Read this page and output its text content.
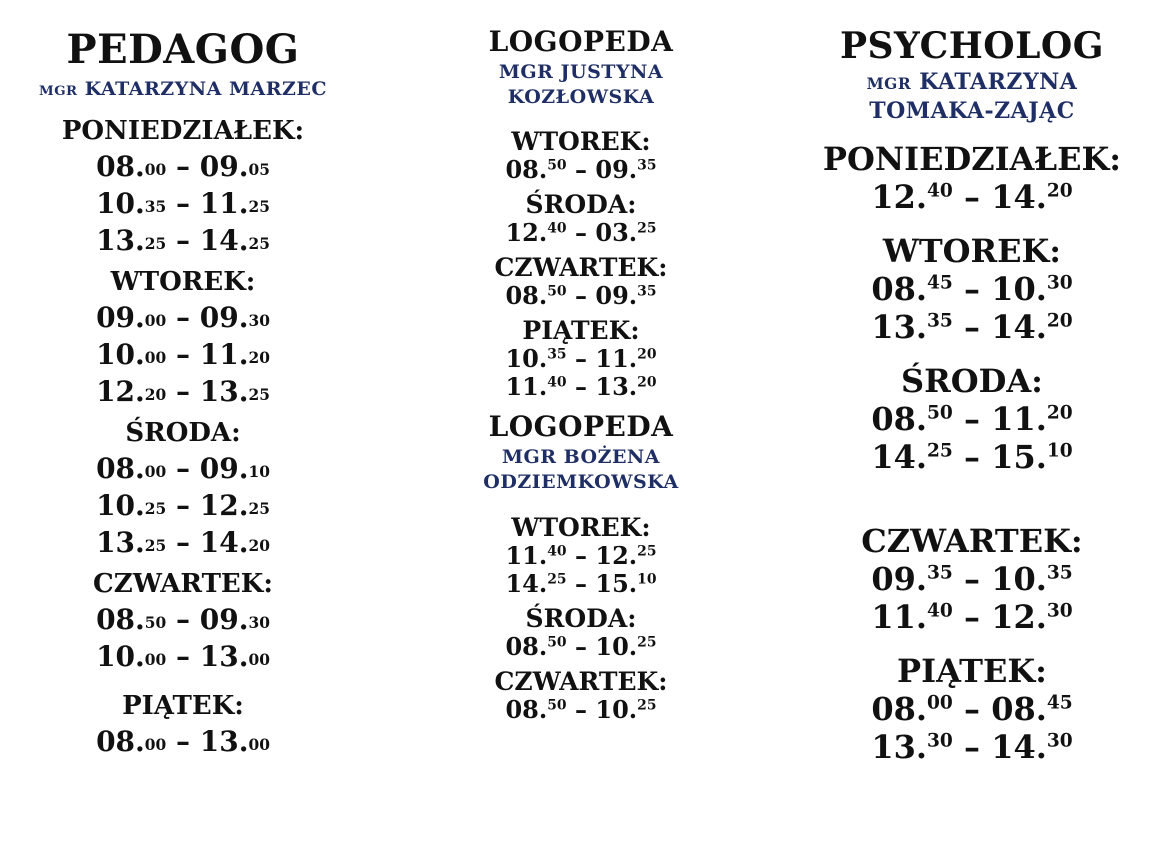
PEDAGOG
MGR KATARZYNA MARZEC
PONIEDZIAŁEK:
08.00 – 09.05
10.35 – 11.25
13.25 – 14.25
WTOREK:
09.00 – 09.30
10.00 – 11.20
12.20 – 13.25
ŚRODA:
08.00 – 09.10
10.25 – 12.25
13.25 – 14.20
CZWARTEK:
08.50 – 09.30
10.00 – 13.00
PIĄTEK:
08.00 – 13.00
LOGOPEDA
MGR JUSTYNA
KOZŁOWSKA
WTOREK:
08.50 – 09.35
ŚRODA:
12.40 – 03.25
CZWARTEK:
08.50 – 09.35
PIĄTEK:
10.35 – 11.20
11.40 – 13.20
LOGOPEDA
MGR BOŻENA
ODZIEMKOWSKA
WTOREK:
11.40 – 12.25
14.25 – 15.10
ŚRODA:
08.50 – 10.25
CZWARTEK:
08.50 – 10.25
PSYCHOLOG
MGR KATARZYNA
TOMAKA-ZAJĄC
PONIEDZIAŁEK:
12.40 – 14.20
WTOREK:
08.45 – 10.30
13.35 – 14.20
ŚRODA:
08.50 – 11.20
14.25 – 15.10
CZWARTEK:
09.35 – 10.35
11.40 – 12.30
PIĄTEK:
08.00 – 08.45
13.30 – 14.30
